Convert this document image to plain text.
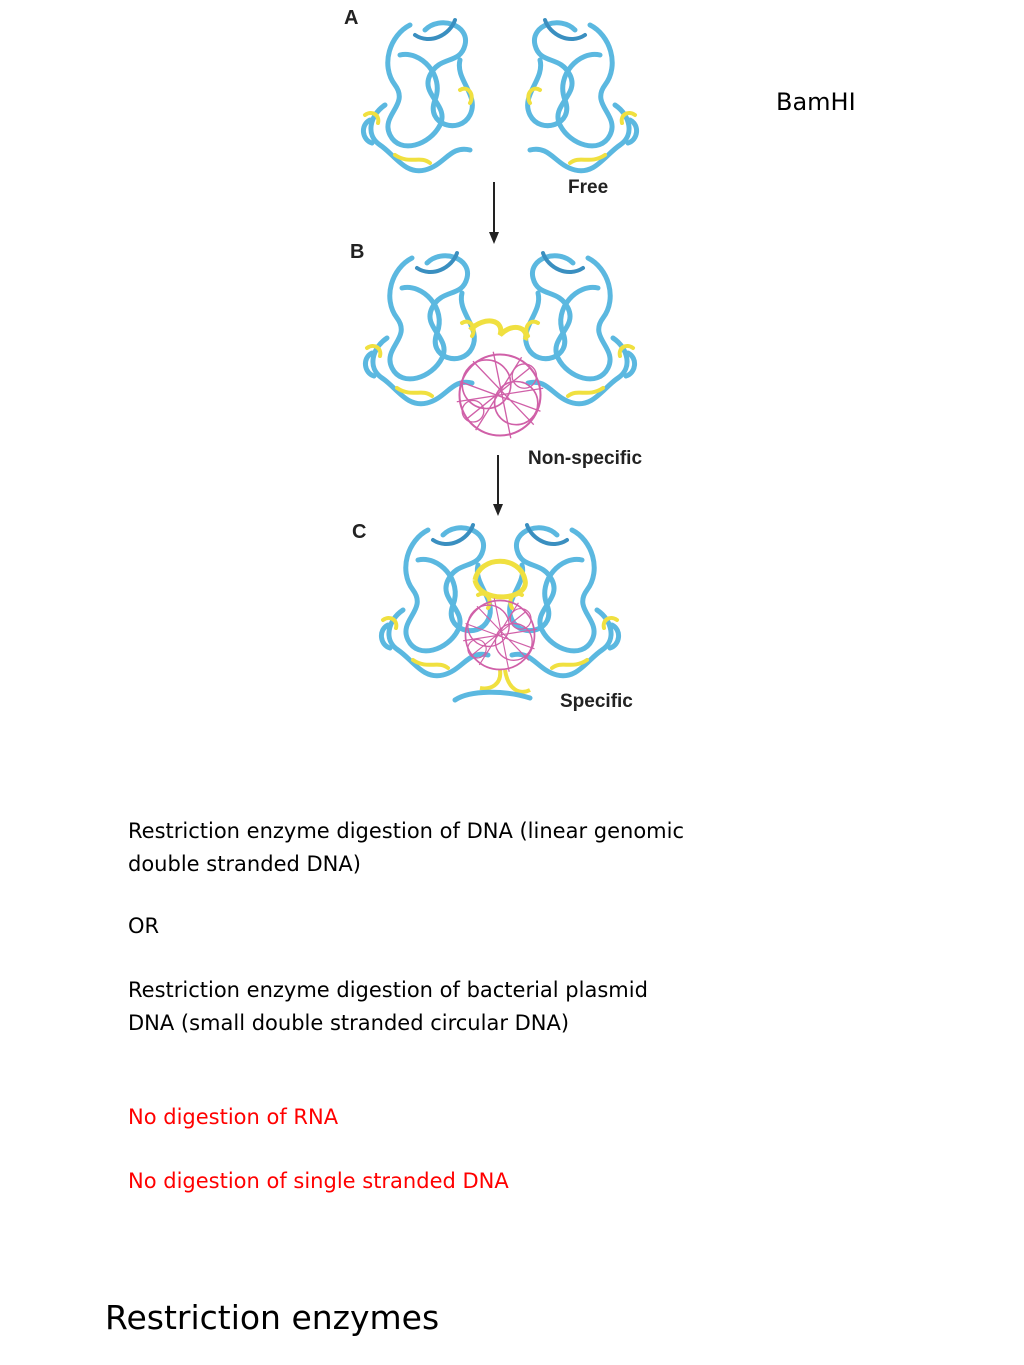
A
Free
B
Non-specific
C
Specific
BamHI
Restriction enzyme digestion of DNA (linear genomic
double stranded DNA)
OR
Restriction enzyme digestion of bacterial plasmid
DNA (small double stranded circular DNA)
No digestion of RNA
No digestion of single stranded DNA
Restriction enzymes
